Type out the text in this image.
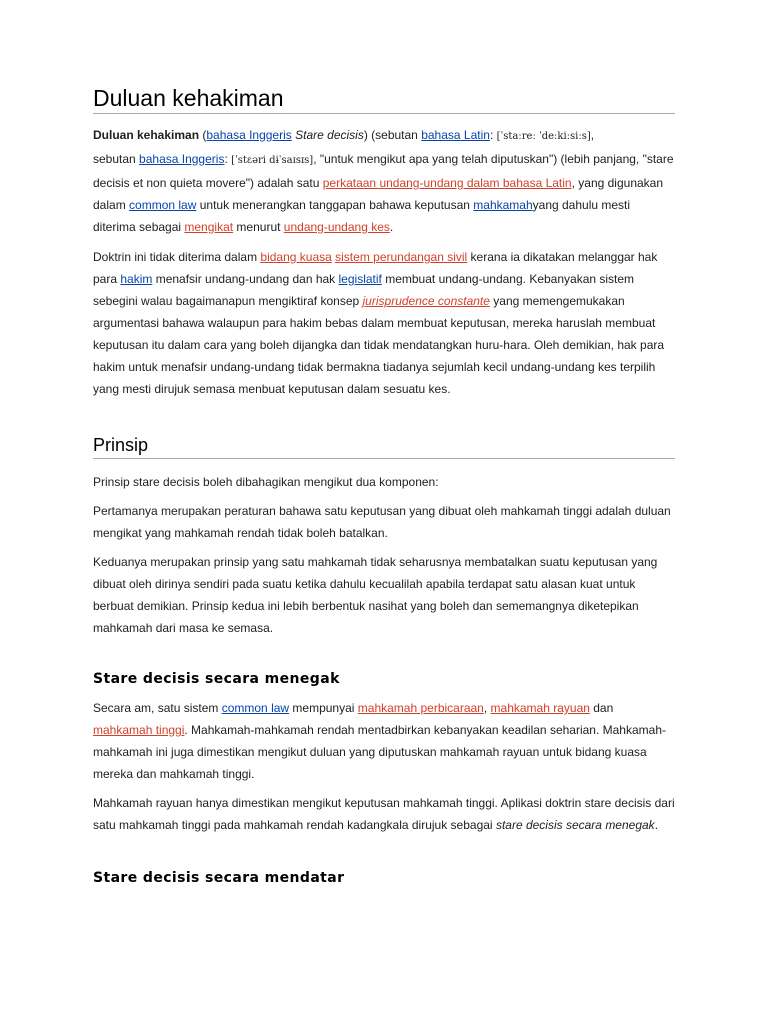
Duluan kehakiman

Duluan kehakiman (bahasa Inggeris Stare decisis) (sebutan bahasa Latin: [ˈstaːreː ˈdeːkiːsiːs],
sebutan bahasa Inggeris: [ˈstɛəri dɨˈsaɪsɪs], "untuk mengikut apa yang telah diputuskan") (lebih panjang, "stare decisis et non quieta movere") adalah satu perkataan undang-undang dalam bahasa Latin, yang digunakan dalam common law untuk menerangkan tanggapan bahawa keputusan mahkamahyang dahulu mesti diterima sebagai mengikat menurut undang-undang kes.

Doktrin ini tidak diterima dalam bidang kuasa sistem perundangan sivil kerana ia dikatakan melanggar hak para hakim menafsir undang-undang dan hak legislatif membuat undang-undang. Kebanyakan sistem sebegini walau bagaimanapun mengiktiraf konsep jurisprudence constante yang memengemukakan argumentasi bahawa walaupun para hakim bebas dalam membuat keputusan, mereka haruslah membuat keputusan itu dalam cara yang boleh dijangka dan tidak mendatangkan huru-hara. Oleh demikian, hak para hakim untuk menafsir undang-undang tidak bermakna tiadanya sejumlah kecil undang-undang kes terpilih yang mesti dirujuk semasa menbuat keputusan dalam sesuatu kes.

Prinsip

Prinsip stare decisis boleh dibahagikan mengikut dua komponen:

Pertamanya merupakan peraturan bahawa satu keputusan yang dibuat oleh mahkamah tinggi adalah duluan mengikat yang mahkamah rendah tidak boleh batalkan.

Keduanya merupakan prinsip yang satu mahkamah tidak seharusnya membatalkan suatu keputusan yang dibuat oleh dirinya sendiri pada suatu ketika dahulu kecualilah apabila terdapat satu alasan kuat untuk berbuat demikian. Prinsip kedua ini lebih berbentuk nasihat yang boleh dan sememangnya diketepikan mahkamah dari masa ke semasa.

Stare decisis secara menegak

Secara am, satu sistem common law mempunyai mahkamah perbicaraan, mahkamah rayuan dan mahkamah tinggi. Mahkamah-mahkamah rendah mentadbirkan kebanyakan keadilan seharian. Mahkamah-mahkamah ini juga dimestikan mengikut duluan yang diputuskan mahkamah rayuan untuk bidang kuasa mereka dan mahkamah tinggi.

Mahkamah rayuan hanya dimestikan mengikut keputusan mahkamah tinggi. Aplikasi doktrin stare decisis dari satu mahkamah tinggi pada mahkamah rendah kadangkala dirujuk sebagai stare decisis secara menegak.

Stare decisis secara mendatar
